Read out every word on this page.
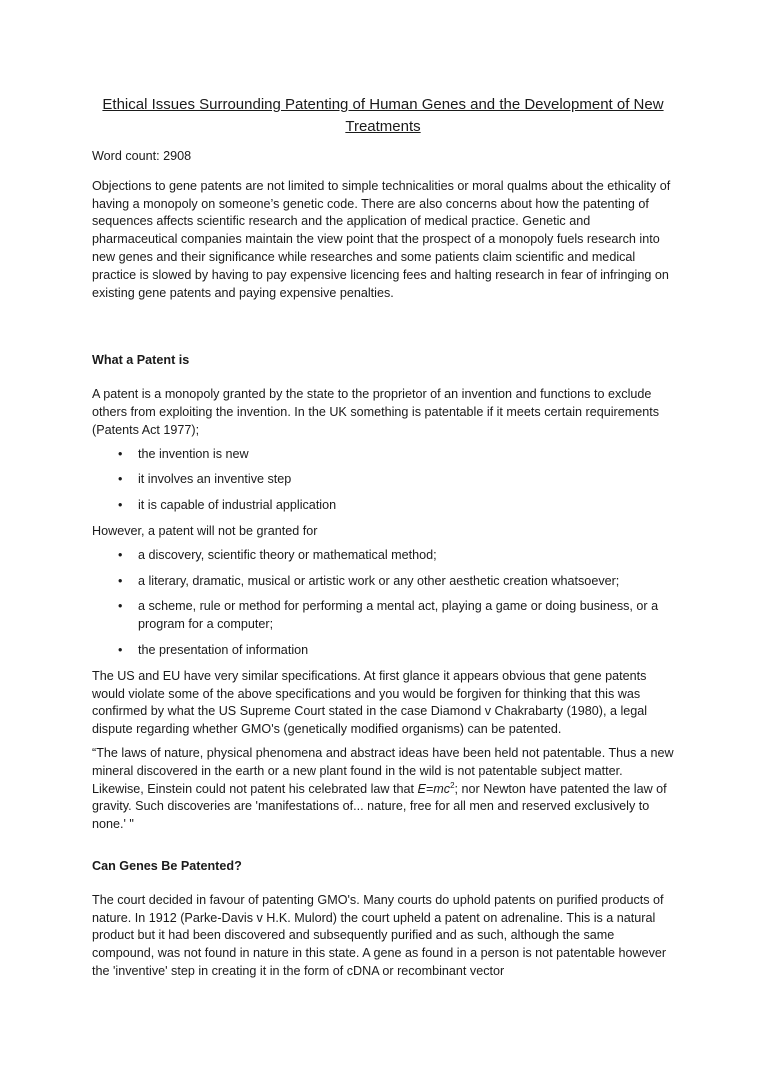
Ethical Issues Surrounding Patenting of Human Genes and the Development of New Treatments

Word count: 2908

Objections to gene patents are not limited to simple technicalities or moral qualms about the ethicality of having a monopoly on someone’s genetic code. There are also concerns about how the patenting of sequences affects scientific research and the application of medical practice. Genetic and pharmaceutical companies maintain the view point that the prospect of a monopoly fuels research into new genes and their significance while researches and some patients claim scientific and medical practice is slowed by having to pay expensive licencing fees and halting research in fear of infringing on existing gene patents and paying expensive penalties.

What a Patent is

A patent is a monopoly granted by the state to the proprietor of an invention and functions to exclude others from exploiting the invention. In the UK something is patentable if it meets certain requirements (Patents Act 1977);

• the invention is new
• it involves an inventive step
• it is capable of industrial application

However, a patent will not be granted for

• a discovery, scientific theory or mathematical method;
• a literary, dramatic, musical or artistic work or any other aesthetic creation whatsoever;
• a scheme, rule or method for performing a mental act, playing a game or doing business, or a program for a computer;
• the presentation of information

The US and EU have very similar specifications. At first glance it appears obvious that gene patents would violate some of the above specifications and you would be forgiven for thinking that this was confirmed by what the US Supreme Court stated in the case Diamond v Chakrabarty (1980), a legal dispute regarding whether GMO's (genetically modified organisms) can be patented.

“The laws of nature, physical phenomena and abstract ideas have been held not patentable. Thus a new mineral discovered in the earth or a new plant found in the wild is not patentable subject matter. Likewise, Einstein could not patent his celebrated law that $E=mc^2$; nor Newton have patented the law of gravity. Such discoveries are 'manifestations of... nature, free for all men and reserved exclusively to none.' "

Can Genes Be Patented?

The court decided in favour of patenting GMO's. Many courts do uphold patents on purified products of nature. In 1912 (Parke-Davis v H.K. Mulord) the court upheld a patent on adrenaline. This is a natural product but it had been discovered and subsequently purified and as such, although the same compound, was not found in nature in this state. A gene as found in a person is not patentable however the 'inventive' step in creating it in the form of cDNA or recombinant vector
